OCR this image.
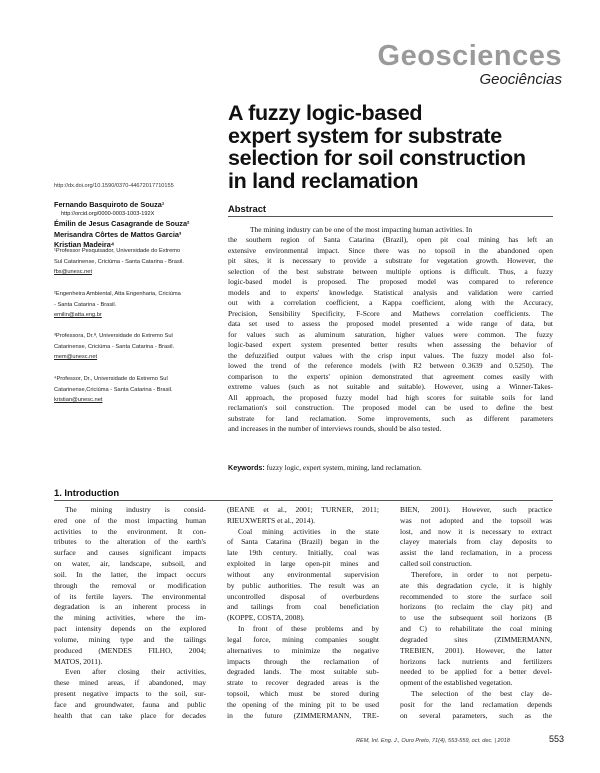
Geosciences
Geociências
A fuzzy logic-based
expert system for substrate
selection for soil construction
in land reclamation
http://dx.doi.org/10.1590/0370-44672017710155
Fernando Basquiroto de Souza¹
http://orcid.org/0000-0003-1003-192X
Émilin de Jesus Casagrande de Souza²
Merisandra Côrtes de Mattos Garcia³
Kristian Madeira⁴
¹Professor Pesquisador, Universidade do Extremo
Sul Catarinense, Criciúma - Santa Catarina - Brasil.
fbs@unesc.net
²Engenheira Ambiental, Atta Engenharia, Criciúma
- Santa Catarina - Brasil.
emilin@atta.eng.br
³Professora, Dr.ª, Universidade do Extremo Sul
Catarinense, Criciúma - Santa Catarina - Brasil.
mem@unesc.net
⁴Professor, Dr., Universidade do Extremo Sul
Catarinense,Criciúma - Santa Catarina - Brasil.
kristian@unesc.net
Abstract
The mining industry can be one of the most impacting human activities. In
the southern region of Santa Catarina (Brazil), open pit coal mining has left an
extensive environmental impact. Since there was no topsoil in the abandoned open
pit sites, it is necessary to provide a substrate for vegetation growth. However, the
selection of the best substrate between multiple options is difficult. Thus, a fuzzy
logic-based model is proposed. The proposed model was compared to reference
models and to experts' knowledge. Statistical analysis and validation were carried
out with a correlation coefficient, a Kappa coefficient, along with the Accuracy,
Precision, Sensibility Specificity, F-Score and Mathews correlation coefficients. The
data set used to assess the proposed model presented a wide range of data, but
for values such as aluminum saturation, higher values were common. The fuzzy
logic-based expert system presented better results when assessing the behavior of
the defuzzified output values with the crisp input values. The fuzzy model also fol-
lowed the trend of the reference models (with R2 between 0.3639 and 0.5250). The
comparison to the experts' opinion demonstrated that agreement comes easily with
extreme values (such as not suitable and suitable). However, using a Winner-Takes-
All approach, the proposed fuzzy model had high scores for suitable soils for land
reclamation's soil construction. The proposed model can be used to define the best
substrate for land reclamation. Some improvements, such as different parameters
and increases in the number of interviews rounds, should be also tested.
Keywords: fuzzy logic, expert system, mining, land reclamation.
1. Introduction
The mining industry is consid-
ered one of the most impacting human
activities to the environment. It con-
tributes to the alteration of the earth's
surface and causes significant impacts
on water, air, landscape, subsoil, and
soil. In the latter, the impact occurs
through the removal or modification
of its fertile layers. The environmental
degradation is an inherent process in
the mining activities, where the im-
pact intensity depends on the explored
volume, mining type and the tailings
produced (MENDES FILHO, 2004;
MATOS, 2011).
Even after closing their activities,
these mined areas, if abandoned, may
present negative impacts to the soil, sur-
face and groundwater, fauna and public
health that can take place for decades
(BEANE et al., 2001; TURNER, 2011;
RIEUXWERTS et al., 2014).
Coal mining activities in the state
of Santa Catarina (Brazil) began in the
late 19th century. Initially, coal was
exploited in large open-pit mines and
without any environmental supervision
by public authorities. The result was an
uncontrolled disposal of overburdens
and tailings from coal beneficiation
(KOPPE, COSTA, 2008).
In front of these problems and by
legal force, mining companies sought
alternatives to minimize the negative
impacts through the reclamation of
degraded lands. The most suitable sub-
strate to recover degraded areas is the
topsoil, which must be stored during
the opening of the mining pit to be used
in the future (ZIMMERMANN, TRE-
BIEN, 2001). However, such practice
was not adopted and the topsoil was
lost, and now it is necessary to extract
clayey materials from clay deposits to
assist the land reclamation, in a process
called soil construction.
Therefore, in order to not perpetu-
ate this degradation cycle, it is highly
recommended to store the surface soil
horizons (to reclaim the clay pit) and
to use the subsequent soil horizons (B
and C) to rehabilitate the coal mining
degraded sites (ZIMMERMANN,
TREBIEN, 2001). However, the latter
horizons lack nutrients and fertilizers
needed to be applied for a better devel-
opment of the established vegetation.
The selection of the best clay de-
posit for the land reclamation depends
on several parameters, such as the
REM, Int. Eng. J., Ouro Preto, 71(4), 553-559, oct. dec. | 2018	553
